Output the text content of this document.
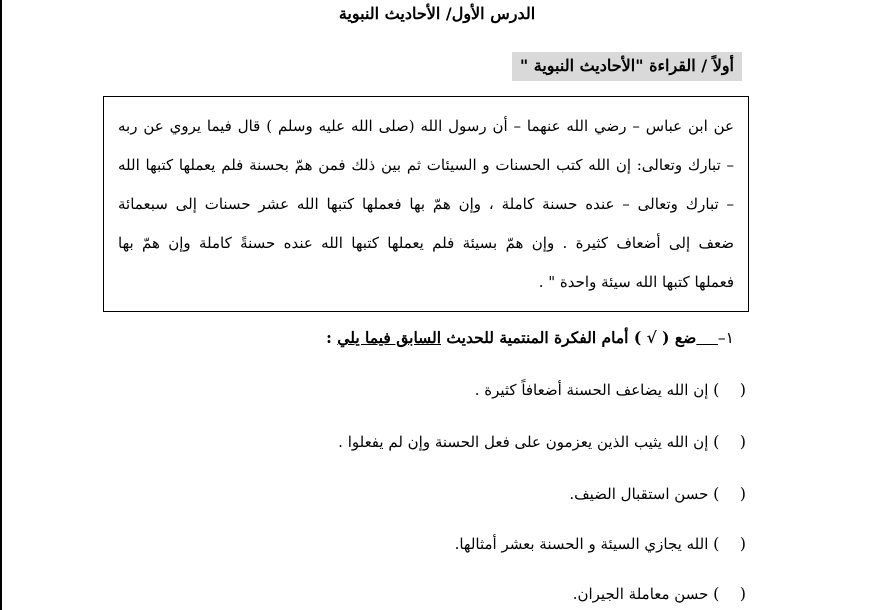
الدرس الأول/ الأحاديث النبوية
أولاً / القراءة "الأحاديث النبوية "
عن ابن عباس – رضي الله عنهما – أن رسول الله (صلى الله عليه وسلم ) قال فيما يروي عن ربه
– تبارك وتعالى: إن الله كتب الحسنات و السيئات ثم بين ذلك فمن همّ بحسنة فلم يعملها كتبها الله
– تبارك وتعالى – عنده حسنة كاملة ، وإن همّ بها فعملها كتبها الله عشر حسنات إلى سبعمائة
ضعف إلى أضعاف كثيرة . وإن همّ بسيئة فلم يعملها كتبها الله عنده حسنةً كاملة وإن همّ بها
فعملها كتبها الله سيئة واحدة " .
١–    ضع ( √ ) أمام الفكرة المنتمية للحديث السابق فيما يلي :
(    ) إن الله يضاعف الحسنة أضعافاً كثيرة .
(    ) إن الله يثيب الذين يعزمون على فعل الحسنة وإن لم يفعلوا .
(    ) حسن استقبال الضيف.
(    ) الله يجازي السيئة و الحسنة بعشر أمثالها.
(    ) حسن معاملة الجيران.
